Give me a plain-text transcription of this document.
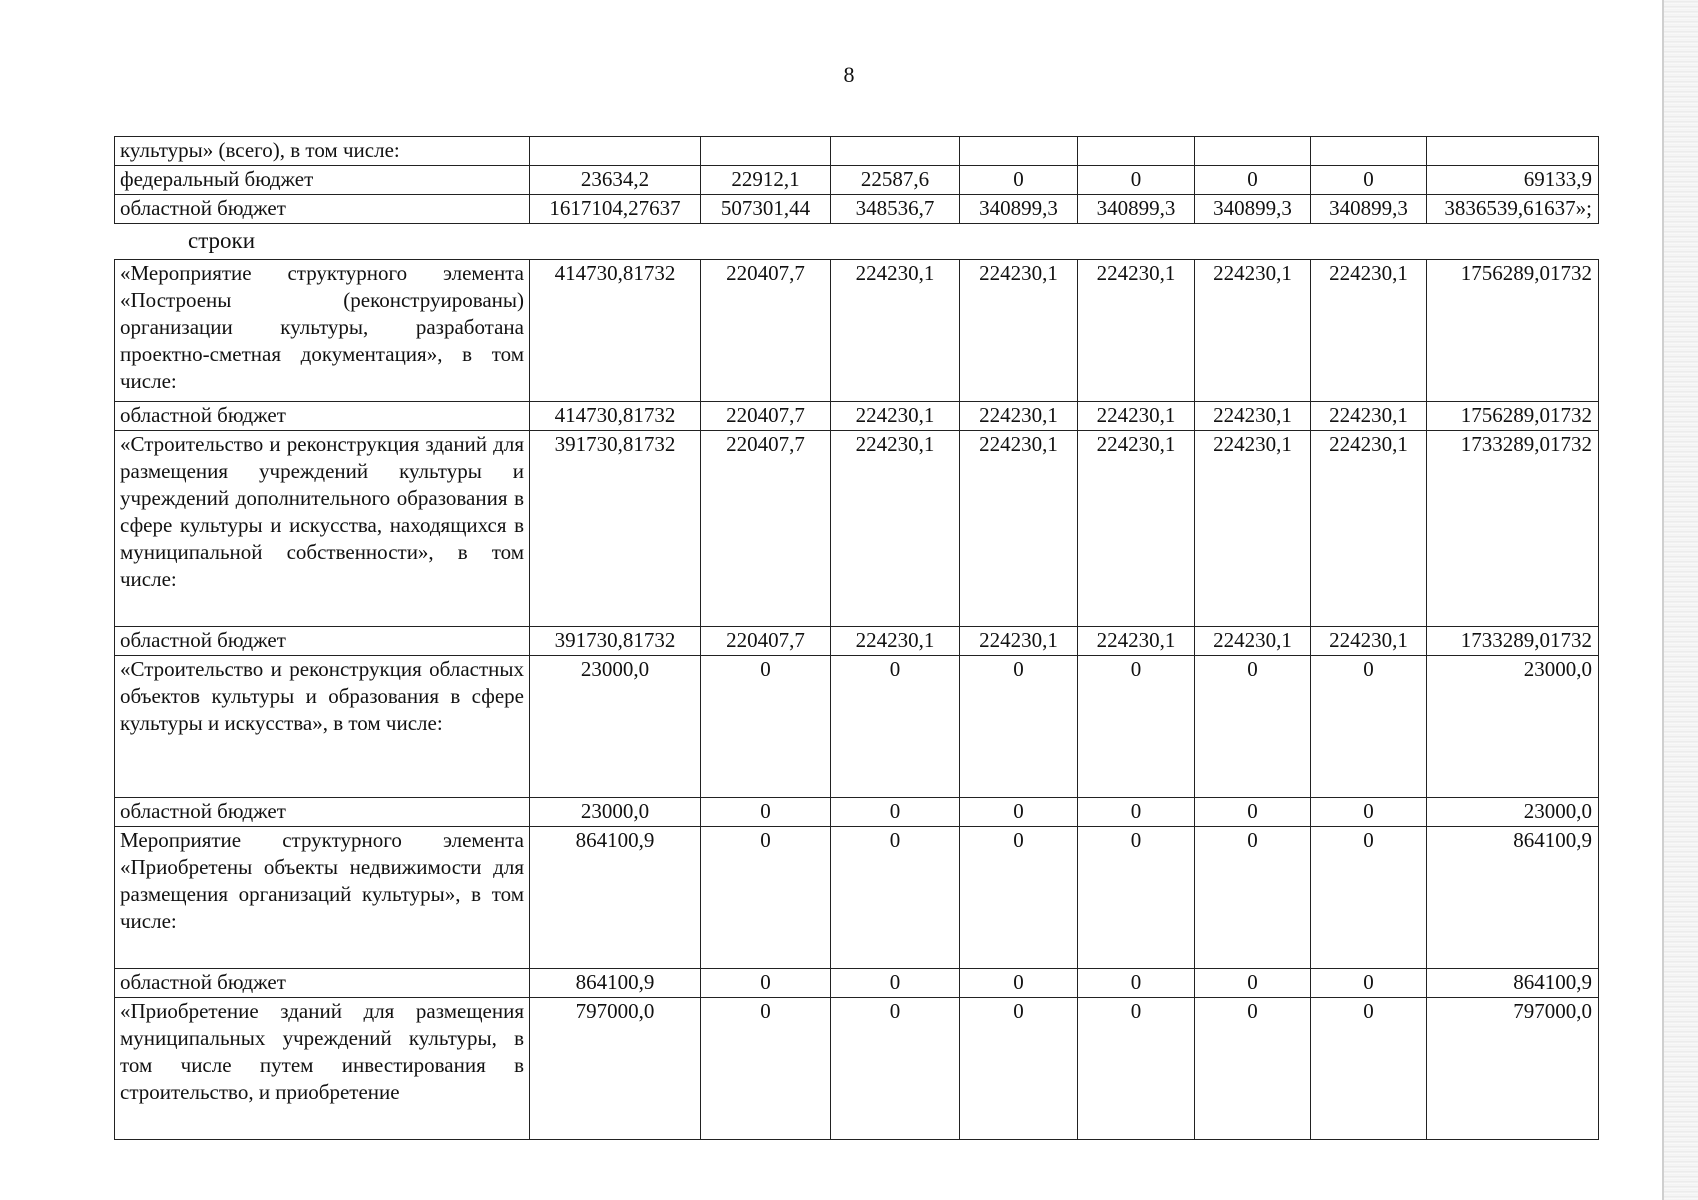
8
культуры» (всего), в том числе:								
федеральный бюджет	23634,2	22912,1	22587,6	0	0	0	0	69133,9
областной бюджет	1617104,27637	507301,44	348536,7	340899,3	340899,3	340899,3	340899,3	3836539,61637»;
строки
«Мероприятие структурного элемента «Построены (реконструированы) организации культуры, разработана проектно-сметная документация», в том числе:	414730,81732	220407,7	224230,1	224230,1	224230,1	224230,1	224230,1	1756289,01732
областной бюджет	414730,81732	220407,7	224230,1	224230,1	224230,1	224230,1	224230,1	1756289,01732
«Строительство и реконструкция зданий для размещения учреждений культуры и учреждений дополнительного образования в сфере культуры и искусства, находящихся в муниципальной собственности», в том числе:	391730,81732	220407,7	224230,1	224230,1	224230,1	224230,1	224230,1	1733289,01732
областной бюджет	391730,81732	220407,7	224230,1	224230,1	224230,1	224230,1	224230,1	1733289,01732
«Строительство и реконструкция областных объектов культуры и образования в сфере культуры и искусства», в том числе:	23000,0	0	0	0	0	0	0	23000,0
областной бюджет	23000,0	0	0	0	0	0	0	23000,0
Мероприятие структурного элемента «Приобретены объекты недвижимости для размещения организаций культуры», в том числе:	864100,9	0	0	0	0	0	0	864100,9
областной бюджет	864100,9	0	0	0	0	0	0	864100,9
«Приобретение зданий для размещения муниципальных учреждений культуры, в том числе путем инвестирования в строительство, и приобретение	797000,0	0	0	0	0	0	0	797000,0
